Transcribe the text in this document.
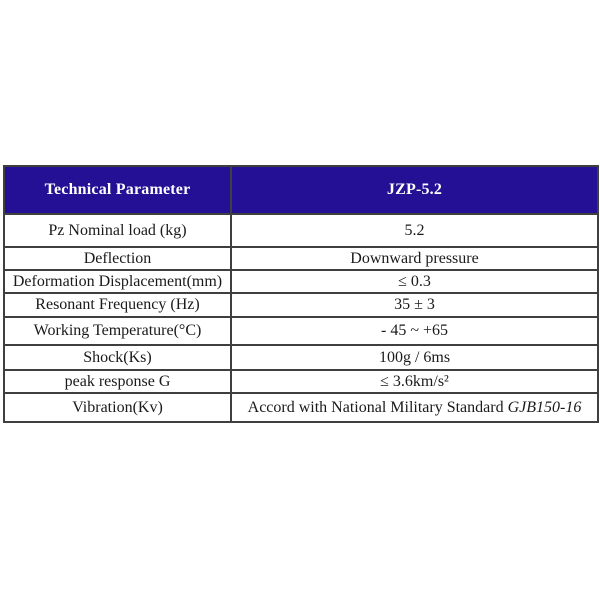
Technical Parameter	JZP-5.2
Pz Nominal load (kg)	5.2
Deflection	Downward pressure
Deformation Displacement(mm)	≤ 0.3
Resonant Frequency (Hz)	35 ± 3
Working Temperature(°C)	- 45 ~ +65
Shock(Ks)	100g / 6ms
peak response G	≤ 3.6km/s²
Vibration(Kv)	Accord with National Military Standard GJB150-16
